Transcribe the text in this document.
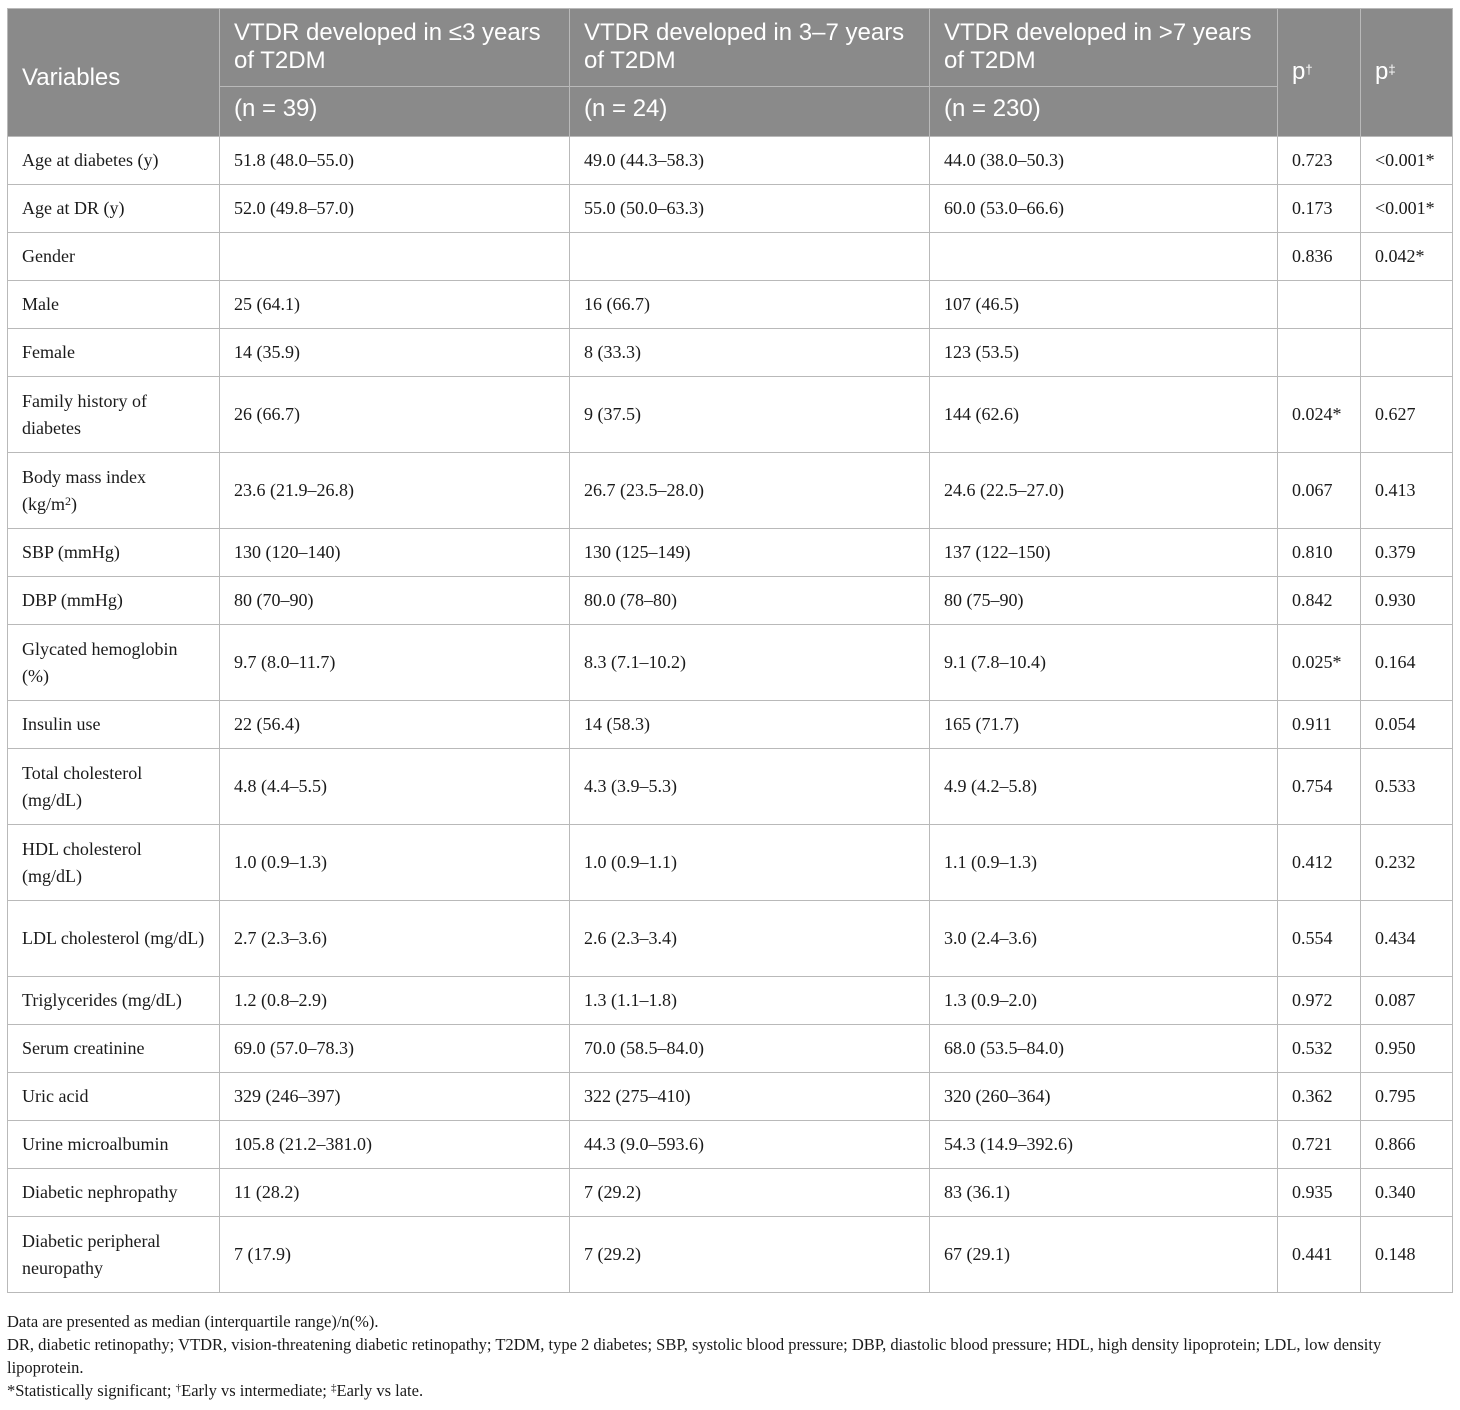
Variables	VTDR developed in ≤3 years of T2DM	VTDR developed in 3–7 years of T2DM	VTDR developed in >7 years of T2DM	p†	p‡
	(n = 39)	(n = 24)	(n = 230)		
Age at diabetes (y)	51.8 (48.0–55.0)	49.0 (44.3–58.3)	44.0 (38.0–50.3)	0.723	<0.001*
Age at DR (y)	52.0 (49.8–57.0)	55.0 (50.0–63.3)	60.0 (53.0–66.6)	0.173	<0.001*
Gender				0.836	0.042*
Male	25 (64.1)	16 (66.7)	107 (46.5)		
Female	14 (35.9)	8 (33.3)	123 (53.5)		
Family history of diabetes	26 (66.7)	9 (37.5)	144 (62.6)	0.024*	0.627
Body mass index $(kg/m^2)$	23.6 (21.9–26.8)	26.7 (23.5–28.0)	24.6 (22.5–27.0)	0.067	0.413
SBP (mmHg)	130 (120–140)	130 (125–149)	137 (122–150)	0.810	0.379
DBP (mmHg)	80 (70–90)	80.0 (78–80)	80 (75–90)	0.842	0.930
Glycated hemoglobin (%)	9.7 (8.0–11.7)	8.3 (7.1–10.2)	9.1 (7.8–10.4)	0.025*	0.164
Insulin use	22 (56.4)	14 (58.3)	165 (71.7)	0.911	0.054
Total cholesterol (mg/dL)	4.8 (4.4–5.5)	4.3 (3.9–5.3)	4.9 (4.2–5.8)	0.754	0.533
HDL cholesterol (mg/dL)	1.0 (0.9–1.3)	1.0 (0.9–1.1)	1.1 (0.9–1.3)	0.412	0.232
LDL cholesterol (mg/dL)	2.7 (2.3–3.6)	2.6 (2.3–3.4)	3.0 (2.4–3.6)	0.554	0.434
Triglycerides (mg/dL)	1.2 (0.8–2.9)	1.3 (1.1–1.8)	1.3 (0.9–2.0)	0.972	0.087
Serum creatinine	69.0 (57.0–78.3)	70.0 (58.5–84.0)	68.0 (53.5–84.0)	0.532	0.950
Uric acid	329 (246–397)	322 (275–410)	320 (260–364)	0.362	0.795
Urine microalbumin	105.8 (21.2–381.0)	44.3 (9.0–593.6)	54.3 (14.9–392.6)	0.721	0.866
Diabetic nephropathy	11 (28.2)	7 (29.2)	83 (36.1)	0.935	0.340
Diabetic peripheral neuropathy	7 (17.9)	7 (29.2)	67 (29.1)	0.441	0.148

Data are presented as median (interquartile range)/n(%).

DR, diabetic retinopathy; VTDR, vision-threatening diabetic retinopathy; T2DM, type 2 diabetes; SBP, systolic blood pressure; DBP, diastolic blood pressure; HDL, high density lipoprotein; LDL, low density lipoprotein.

*Statistically significant; †Early vs intermediate; ‡Early vs late.
